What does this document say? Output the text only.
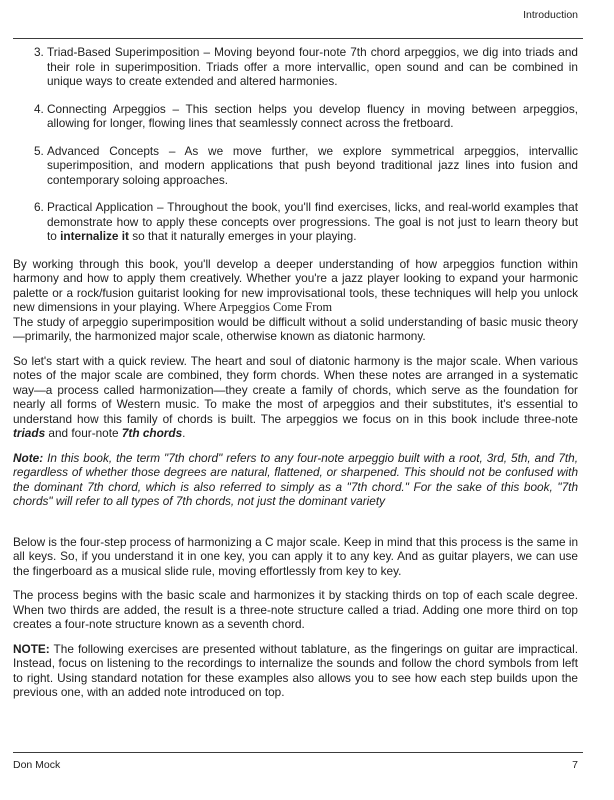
Introduction
3. Triad-Based Superimposition – Moving beyond four-note 7th chord arpeggios, we dig into triads and their role in superimposition. Triads offer a more intervallic, open sound and can be combined in unique ways to create extended and altered harmonies.
4. Connecting Arpeggios – This section helps you develop fluency in moving between arpeggios, allowing for longer, flowing lines that seamlessly connect across the fretboard.
5. Advanced Concepts – As we move further, we explore symmetrical arpeggios, intervallic superimposition, and modern applications that push beyond traditional jazz lines into fusion and contemporary soloing approaches.
6. Practical Application – Throughout the book, you'll find exercises, licks, and real-world examples that demonstrate how to apply these concepts over progressions. The goal is not just to learn theory but to internalize it so that it naturally emerges in your playing.

By working through this book, you'll develop a deeper understanding of how arpeggios function within harmony and how to apply them creatively. Whether you're a jazz player looking to expand your harmonic palette or a rock/fusion guitarist looking for new improvisational tools, these techniques will help you unlock new dimensions in your playing. Where Arpeggios Come From

The study of arpeggio superimposition would be difficult without a solid understanding of basic music theory—primarily, the harmonized major scale, otherwise known as diatonic harmony.

So let's start with a quick review. The heart and soul of diatonic harmony is the major scale. When various notes of the major scale are combined, they form chords. When these notes are arranged in a systematic way—a process called harmonization—they create a family of chords, which serve as the foundation for nearly all forms of Western music. To make the most of arpeggios and their substitutes, it's essential to understand how this family of chords is built. The arpeggios we focus on in this book include three-note triads and four-note 7th chords.

Note: In this book, the term "7th chord" refers to any four-note arpeggio built with a root, 3rd, 5th, and 7th, regardless of whether those degrees are natural, flattened, or sharpened. This should not be confused with the dominant 7th chord, which is also referred to simply as a "7th chord." For the sake of this book, "7th chords" will refer to all types of 7th chords, not just the dominant variety

Below is the four-step process of harmonizing a C major scale. Keep in mind that this process is the same in all keys. So, if you understand it in one key, you can apply it to any key. And as guitar players, we can use the fingerboard as a musical slide rule, moving effortlessly from key to key.

The process begins with the basic scale and harmonizes it by stacking thirds on top of each scale degree. When two thirds are added, the result is a three-note structure called a triad. Adding one more third on top creates a four-note structure known as a seventh chord.

NOTE: The following exercises are presented without tablature, as the fingerings on guitar are impractical. Instead, focus on listening to the recordings to internalize the sounds and follow the chord symbols from left to right. Using standard notation for these examples also allows you to see how each step builds upon the previous one, with an added note introduced on top.

Don Mock	7
